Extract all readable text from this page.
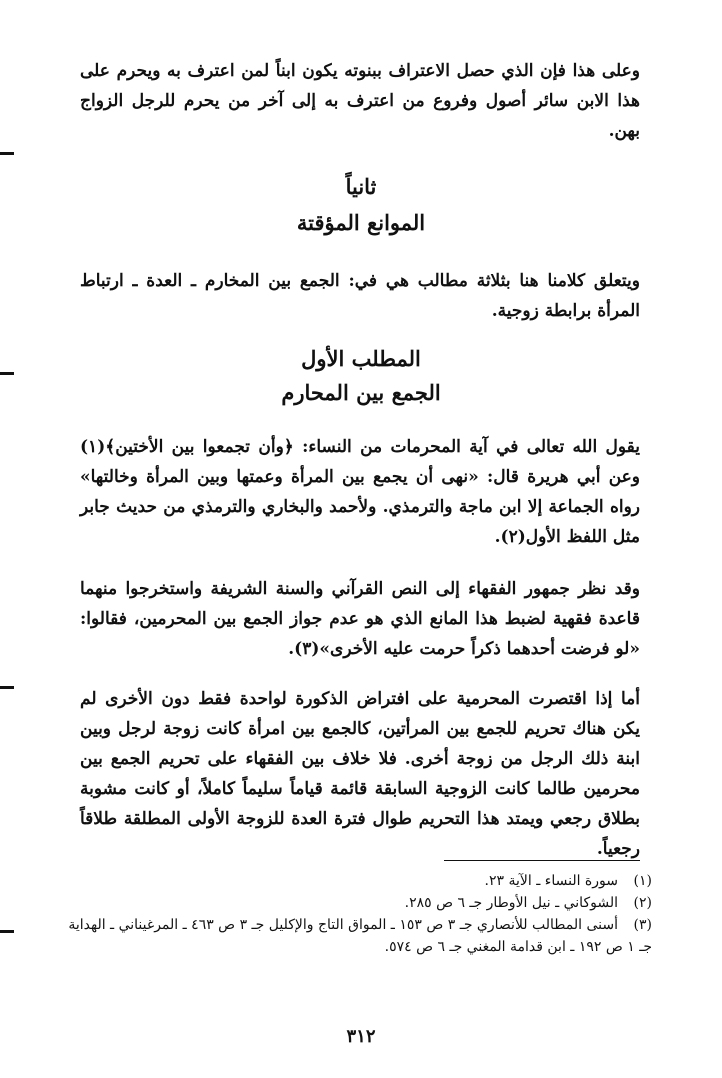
وعلى هذا فإن الذي حصل الاعتراف ببنوته يكون ابناً لمن اعترف به ويحرم على هذا الابن سائر أصول وفروع من اعترف به إلى آخر من يحرم للرجل الزواج بهن.

ثانياً
الموانع المؤقتة

ويتعلق كلامنا هنا بثلاثة مطالب هي في: الجمع بين المخارم ـ العدة ـ ارتباط المرأة برابطة زوجية.

المطلب الأول
الجمع بين المحارم

يقول الله تعالى في آية المحرمات من النساء: ﴿وأن تجمعوا بين الأختين﴾(١) وعن أبي هريرة قال: «نهى أن يجمع بين المرأة وعمتها وبين المرأة وخالتها» رواه الجماعة إلا ابن ماجة والترمذي. ولأحمد والبخاري والترمذي من حديث جابر مثل اللفظ الأول(٢).

وقد نظر جمهور الفقهاء إلى النص القرآني والسنة الشريفة واستخرجوا منهما قاعدة فقهية لضبط هذا المانع الذي هو عدم جواز الجمع بين المحرمين، فقالوا: «لو فرضت أحدهما ذكراً حرمت عليه الأخرى»(٣).

أما إذا اقتصرت المحرمية على افتراض الذكورة لواحدة فقط دون الأخرى لم يكن هناك تحريم للجمع بين المرأتين، كالجمع بين امرأة كانت زوجة لرجل وبين ابنة ذلك الرجل من زوجة أخرى. فلا خلاف بين الفقهاء على تحريم الجمع بين محرمين طالما كانت الزوجية السابقة قائمة قياماً سليماً كاملاً، أو كانت مشوبة بطلاق رجعي ويمتد هذا التحريم طوال فترة العدة للزوجة الأولى المطلقة طلاقاً رجعياً.

(١)سورة النساء ـ الآية ٢٣.

(٢)الشوكاني ـ نيل الأوطار جـ ٦ ص ٢٨٥.

(٣)أسنى المطالب للأنصاري جـ ٣ ص ١٥٣ ـ المواق التاج والإكليل جـ ٣ ص ٤٦٣ ـ المرغيناني ـ الهداية جـ ١ ص ١٩٢ ـ ابن قدامة المغني جـ ٦ ص ٥٧٤.

٣١٢
